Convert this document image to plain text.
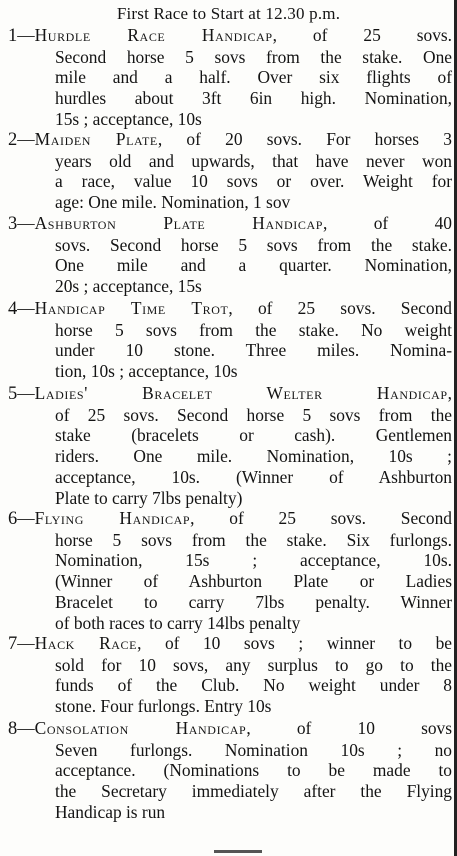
First Race to Start at 12.30 p.m.
1—Hurdle Race Handicap, of 25 sovs.
Second horse 5 sovs from the stake. One
mile and a half. Over six flights of
hurdles about 3ft 6in high. Nomination,
15s ; acceptance, 10s
2—Maiden Plate, of 20 sovs. For horses 3
years old and upwards, that have never won
a race, value 10 sovs or over. Weight for
age: One mile. Nomination, 1 sov
3—Ashburton Plate Handicap, of 40
sovs. Second horse 5 sovs from the stake.
One mile and a quarter. Nomination,
20s ; acceptance, 15s
4—Handicap Time Trot, of 25 sovs. Second
horse 5 sovs from the stake. No weight
under 10 stone. Three miles. Nomina-
tion, 10s ; acceptance, 10s
5—Ladies' Bracelet Welter Handicap,
of 25 sovs. Second horse 5 sovs from the
stake (bracelets or cash). Gentlemen
riders. One mile. Nomination, 10s ;
acceptance, 10s. (Winner of Ashburton
Plate to carry 7lbs penalty)
6—Flying Handicap, of 25 sovs. Second
horse 5 sovs from the stake. Six furlongs.
Nomination, 15s ; acceptance, 10s.
(Winner of Ashburton Plate or Ladies
Bracelet to carry 7lbs penalty. Winner
of both races to carry 14lbs penalty
7—Hack Race, of 10 sovs ; winner to be
sold for 10 sovs, any surplus to go to the
funds of the Club. No weight under 8
stone. Four furlongs. Entry 10s
8—Consolation Handicap, of 10 sovs
Seven furlongs. Nomination 10s ; no
acceptance. (Nominations to be made to
the Secretary immediately after the Flying
Handicap is run
